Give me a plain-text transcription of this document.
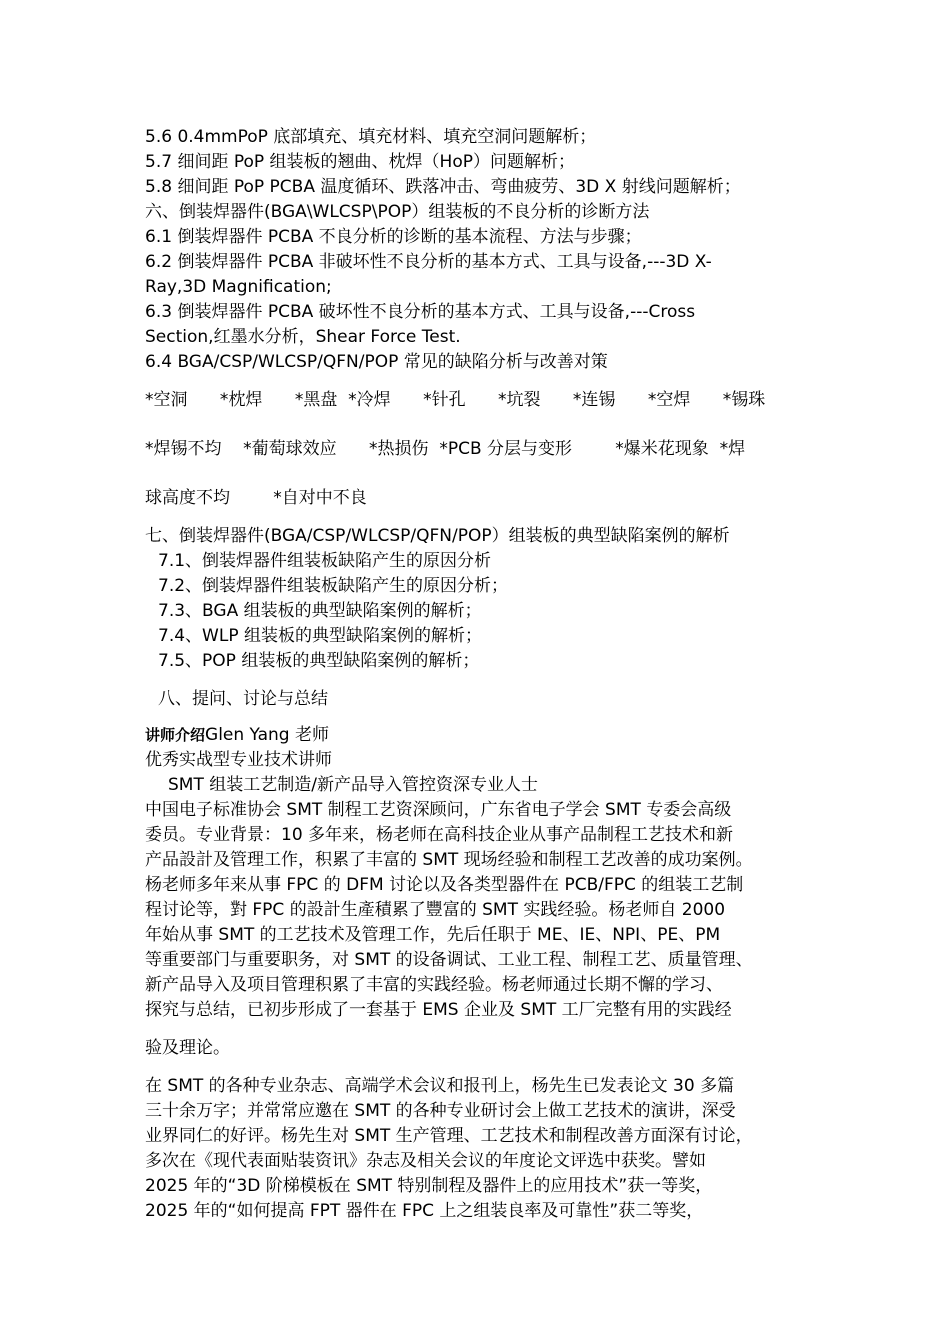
5.6 0.4mmPoP 底部填充、填充材料、填充空洞问题解析；
5.7 细间距 PoP 组装板的翘曲、枕焊（HoP）问题解析；
5.8 细间距 PoP PCBA 温度循环、跌落冲击、弯曲疲劳、3D X 射线问题解析；
六、倒装焊器件(BGA\WLCSP\POP）组装板的不良分析的诊断方法
6.1 倒装焊器件 PCBA 不良分析的诊断的基本流程、方法与步骤；
6.2 倒装焊器件 PCBA 非破坏性不良分析的基本方式、工具与设备,---3D X-
Ray,3D Magnification;
6.3 倒装焊器件 PCBA 破坏性不良分析的基本方式、工具与设备,---Cross
Section,红墨水分析，Shear Force Test.
6.4 BGA/CSP/WLCSP/QFN/POP 常见的缺陷分析与改善对策
*空洞      *枕焊      *黑盘  *冷焊      *针孔      *坑裂      *连锡      *空焊      *锡珠
*焊锡不均    *葡萄球效应      *热损伤  *PCB 分层与变形        *爆米花现象  *焊
球高度不均        *自对中不良
七、倒装焊器件(BGA/CSP/WLCSP/QFN/POP）组装板的典型缺陷案例的解析
7.1、倒装焊器件组装板缺陷产生的原因分析
7.2、倒装焊器件组装板缺陷产生的原因分析；
7.3、BGA 组装板的典型缺陷案例的解析；
7.4、WLP 组装板的典型缺陷案例的解析；
7.5、POP 组装板的典型缺陷案例的解析；
八、提问、讨论与总结
讲师介绍Glen Yang 老师
优秀实战型专业技术讲师
SMT 组装工艺制造/新产品导入管控资深专业人士
中国电子标准协会 SMT 制程工艺资深顾问，广东省电子学会 SMT 专委会高级
委员。专业背景：10 多年来，杨老师在高科技企业从事产品制程工艺技术和新
产品設計及管理工作，积累了丰富的 SMT 现场经验和制程工艺改善的成功案例。
杨老师多年来从事 FPC 的 DFM 讨论以及各类型器件在 PCB/FPC 的组装工艺制
程讨论等，對 FPC 的設計生產積累了豐富的 SMT 实践经验。杨老师自 2000
年始从事 SMT 的工艺技术及管理工作，先后任职于 ME、IE、NPI、PE、PM
等重要部门与重要职务，对 SMT 的设备调试、工业工程、制程工艺、质量管理、
新产品导入及项目管理积累了丰富的实践经验。杨老师通过长期不懈的学习、
探究与总结，已初步形成了一套基于 EMS 企业及 SMT 工厂完整有用的实践经
验及理论。
在 SMT 的各种专业杂志、高端学术会议和报刊上，杨先生已发表论文 30 多篇
三十余万字；并常常应邀在 SMT 的各种专业研讨会上做工艺技术的演讲，深受
业界同仁的好评。杨先生对 SMT 生产管理、工艺技术和制程改善方面深有讨论，
多次在《现代表面贴装资讯》杂志及相关会议的年度论文评选中获奖。譬如
2025 年的“3D 阶梯模板在 SMT 特别制程及器件上的应用技术”获一等奖，
2025 年的“如何提高 FPT 器件在 FPC 上之组装良率及可靠性”获二等奖，
